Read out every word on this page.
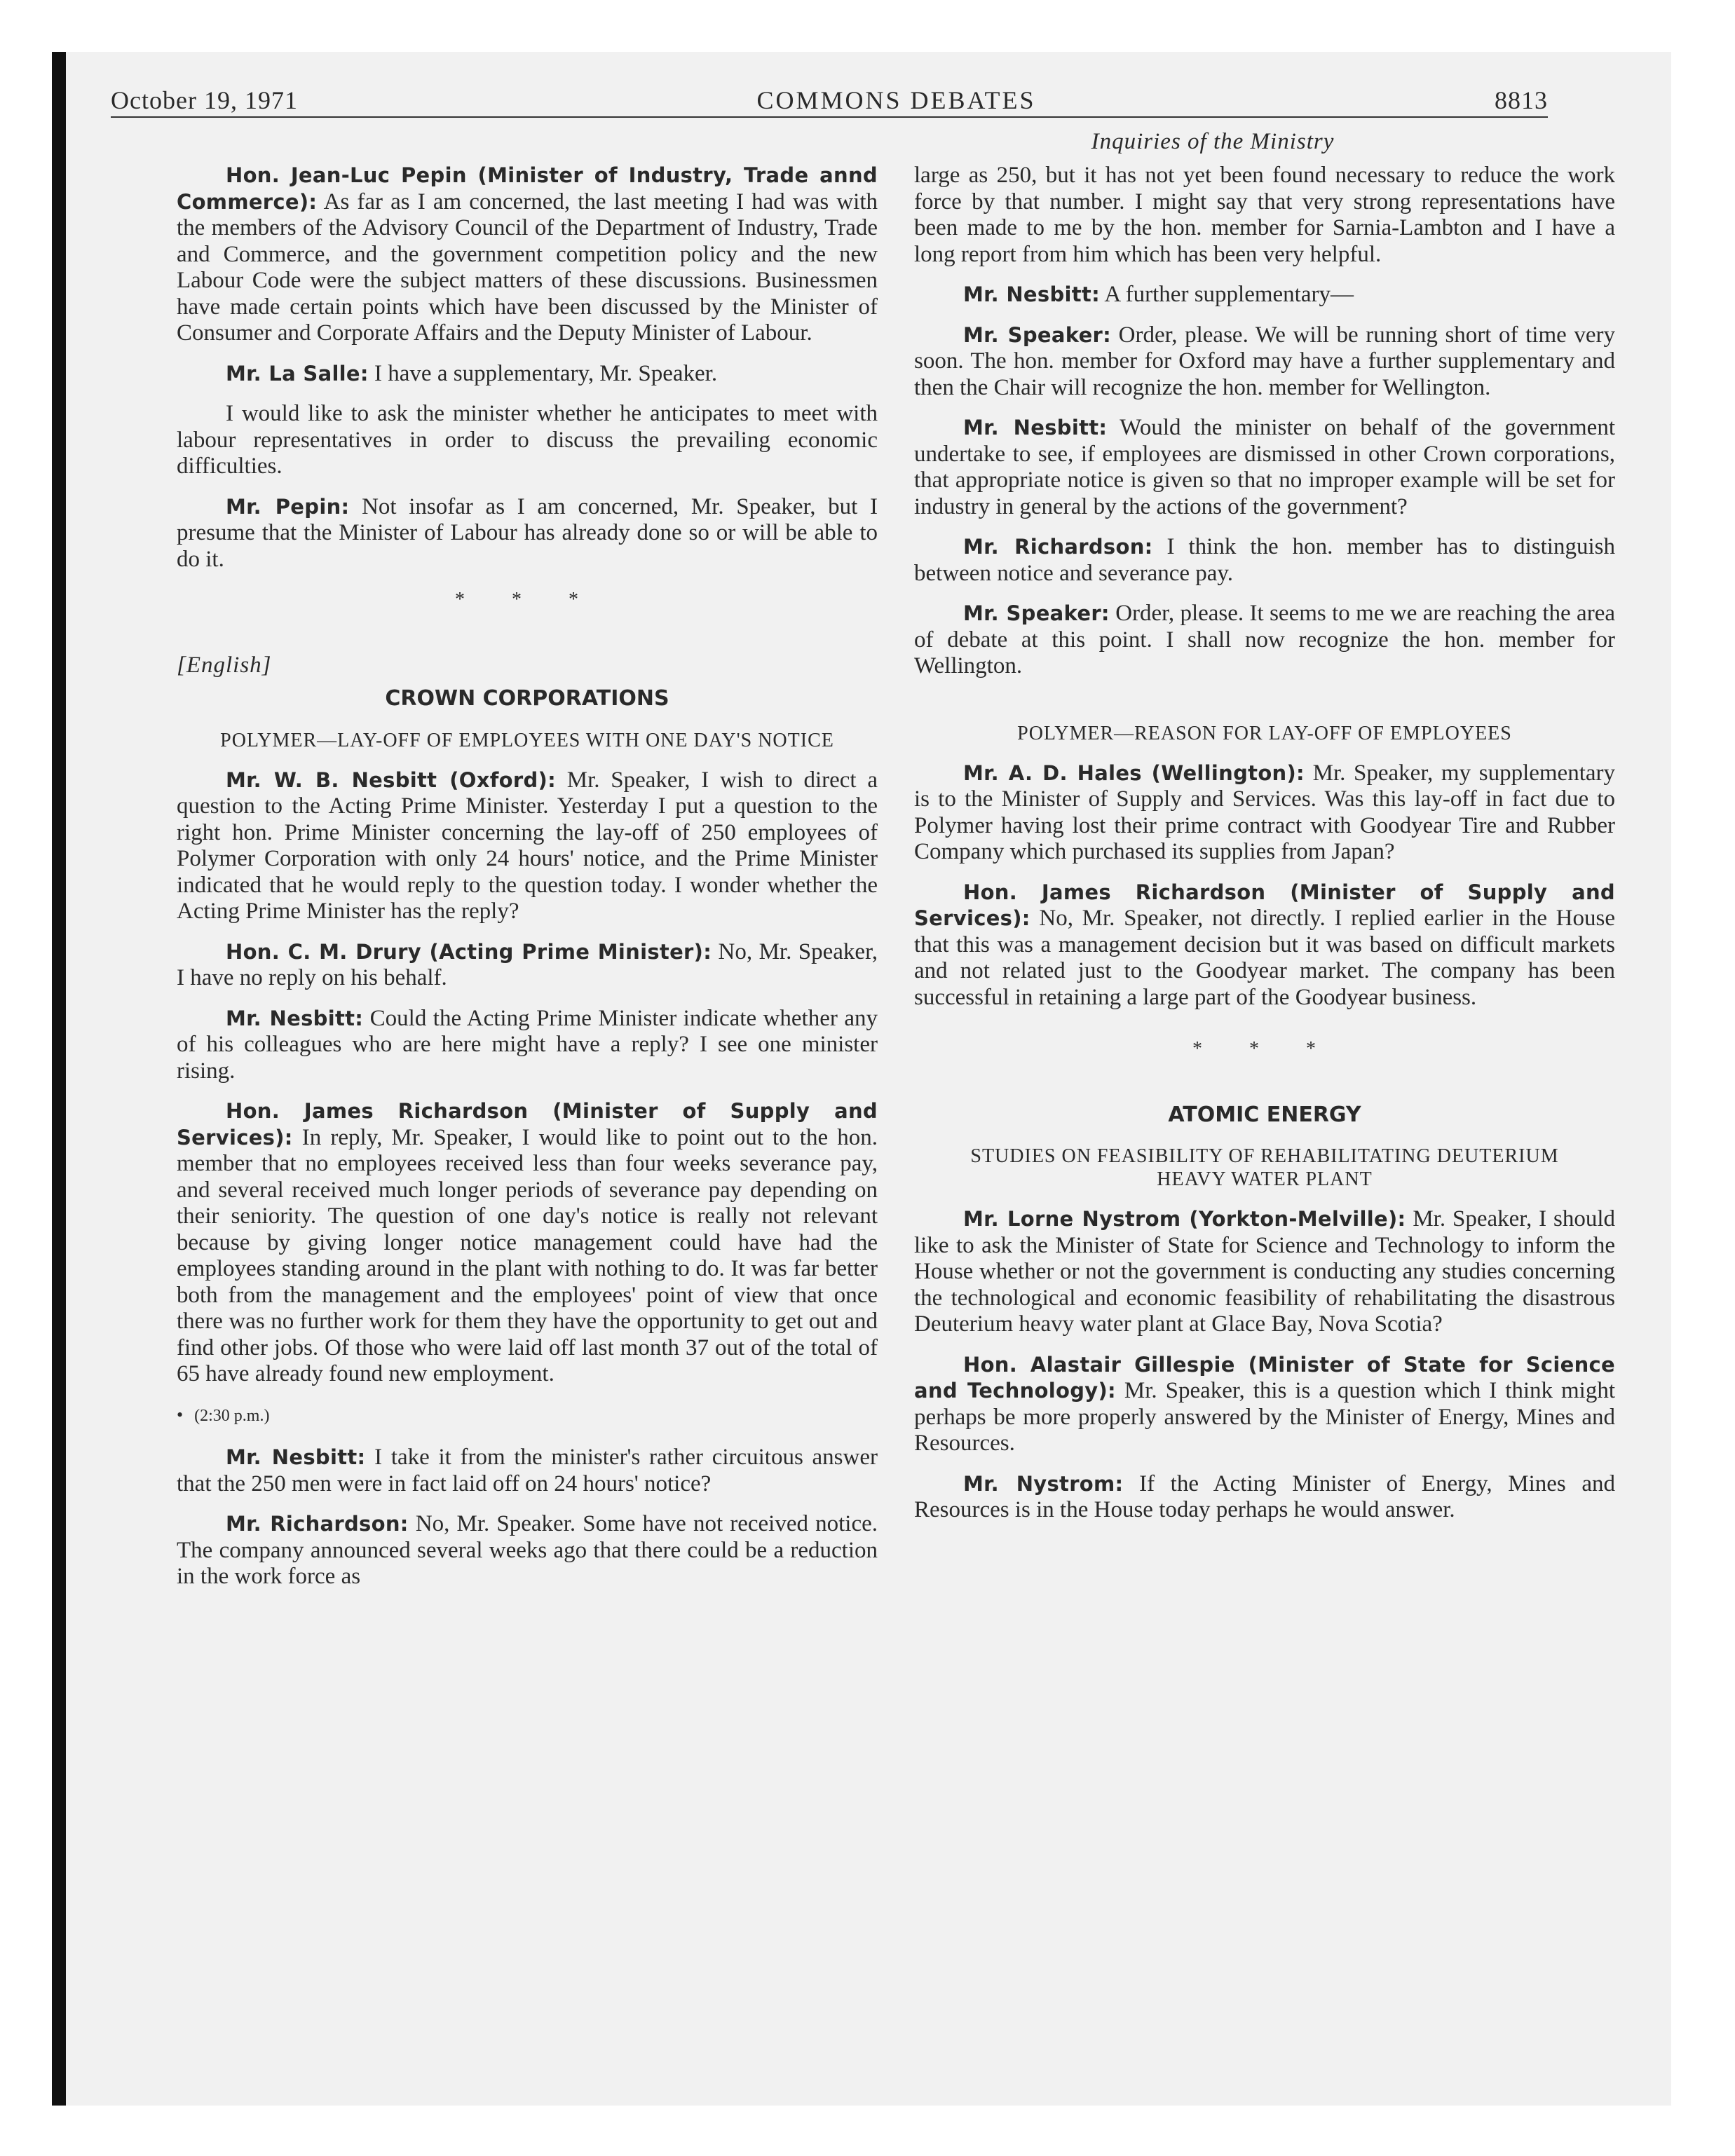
October 19, 1971	COMMONS DEBATES	8813
Inquiries of the Ministry

Hon. Jean-Luc Pepin (Minister of Industry, Trade annd Commerce): As far as I am concerned, the last meeting I had was with the members of the Advisory Council of the Department of Industry, Trade and Commerce, and the government competition policy and the new Labour Code were the subject matters of these discussions. Businessmen have made certain points which have been discussed by the Minister of Consumer and Corporate Affairs and the Deputy Minister of Labour.

Mr. La Salle: I have a supplementary, Mr. Speaker.

I would like to ask the minister whether he anticipates to meet with labour representatives in order to discuss the prevailing economic difficulties.

Mr. Pepin: Not insofar as I am concerned, Mr. Speaker, but I presume that the Minister of Labour has already done so or will be able to do it.

* * *
[English]
CROWN CORPORATIONS
POLYMER—LAY-OFF OF EMPLOYEES WITH ONE DAY'S NOTICE

Mr. W. B. Nesbitt (Oxford): Mr. Speaker, I wish to direct a question to the Acting Prime Minister. Yesterday I put a question to the right hon. Prime Minister concerning the lay-off of 250 employees of Polymer Corporation with only 24 hours' notice, and the Prime Minister indicated that he would reply to the question today. I wonder whether the Acting Prime Minister has the reply?

Hon. C. M. Drury (Acting Prime Minister): No, Mr. Speaker, I have no reply on his behalf.

Mr. Nesbitt: Could the Acting Prime Minister indicate whether any of his colleagues who are here might have a reply? I see one minister rising.

Hon. James Richardson (Minister of Supply and Services): In reply, Mr. Speaker, I would like to point out to the hon. member that no employees received less than four weeks severance pay, and several received much longer periods of severance pay depending on their seniority. The question of one day's notice is really not relevant because by giving longer notice management could have had the employees standing around in the plant with nothing to do. It was far better both from the management and the employees' point of view that once there was no further work for them they have the opportunity to get out and find other jobs. Of those who were laid off last month 37 out of the total of 65 have already found new employment.

• (2:30 p.m.)

Mr. Nesbitt: I take it from the minister's rather circuitous answer that the 250 men were in fact laid off on 24 hours' notice?

Mr. Richardson: No, Mr. Speaker. Some have not received notice. The company announced several weeks ago that there could be a reduction in the work force as

large as 250, but it has not yet been found necessary to reduce the work force by that number. I might say that very strong representations have been made to me by the hon. member for Sarnia-Lambton and I have a long report from him which has been very helpful.

Mr. Nesbitt: A further supplementary—

Mr. Speaker: Order, please. We will be running short of time very soon. The hon. member for Oxford may have a further supplementary and then the Chair will recognize the hon. member for Wellington.

Mr. Nesbitt: Would the minister on behalf of the government undertake to see, if employees are dismissed in other Crown corporations, that appropriate notice is given so that no improper example will be set for industry in general by the actions of the government?

Mr. Richardson: I think the hon. member has to distinguish between notice and severance pay.

Mr. Speaker: Order, please. It seems to me we are reaching the area of debate at this point. I shall now recognize the hon. member for Wellington.

POLYMER—REASON FOR LAY-OFF OF EMPLOYEES

Mr. A. D. Hales (Wellington): Mr. Speaker, my supplementary is to the Minister of Supply and Services. Was this lay-off in fact due to Polymer having lost their prime contract with Goodyear Tire and Rubber Company which purchased its supplies from Japan?

Hon. James Richardson (Minister of Supply and Services): No, Mr. Speaker, not directly. I replied earlier in the House that this was a management decision but it was based on difficult markets and not related just to the Goodyear market. The company has been successful in retaining a large part of the Goodyear business.

* * *
ATOMIC ENERGY
STUDIES ON FEASIBILITY OF REHABILITATING DEUTERIUM HEAVY WATER PLANT

Mr. Lorne Nystrom (Yorkton-Melville): Mr. Speaker, I should like to ask the Minister of State for Science and Technology to inform the House whether or not the government is conducting any studies concerning the technological and economic feasibility of rehabilitating the disastrous Deuterium heavy water plant at Glace Bay, Nova Scotia?

Hon. Alastair Gillespie (Minister of State for Science and Technology): Mr. Speaker, this is a question which I think might perhaps be more properly answered by the Minister of Energy, Mines and Resources.

Mr. Nystrom: If the Acting Minister of Energy, Mines and Resources is in the House today perhaps he would answer.
